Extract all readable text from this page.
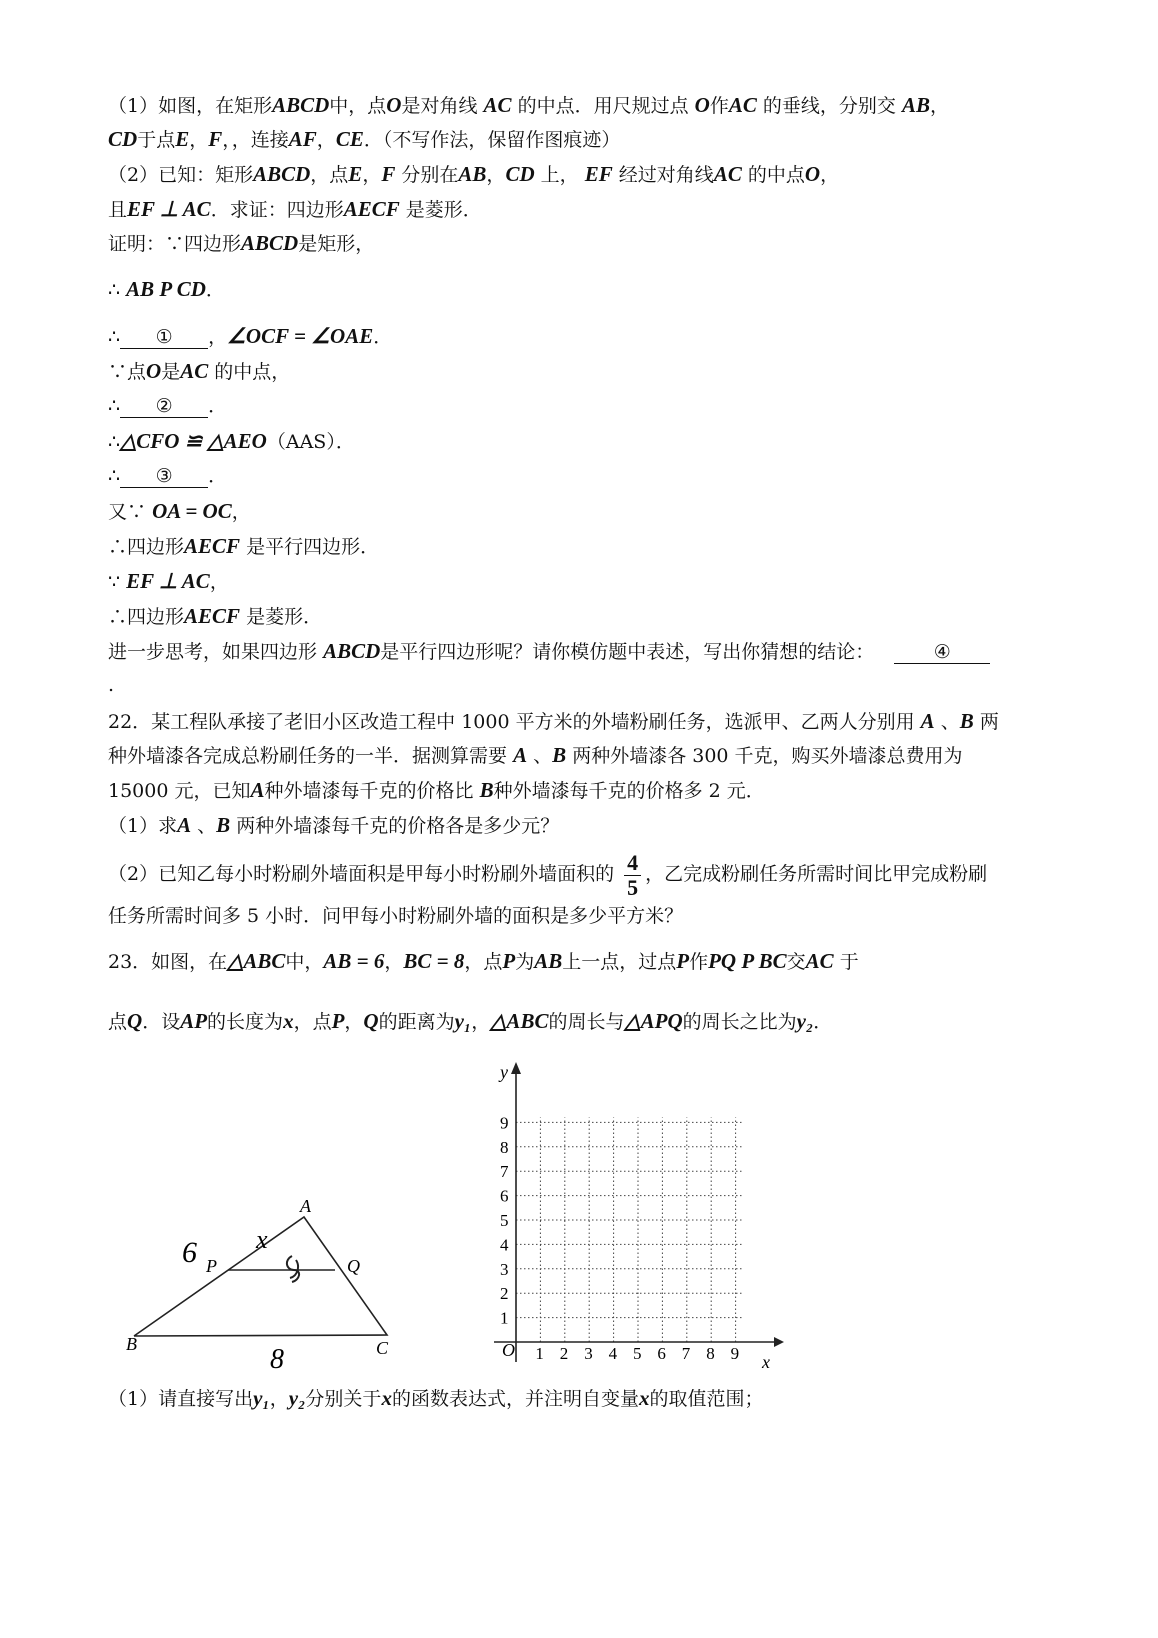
（1）如图，在矩形ABCD中，点O是对角线 AC 的中点．用尺规过点 O作AC 的垂线，分别交 AB，
CD于点E，F，，连接AF，CE．（不写作法，保留作图痕迹）
（2）已知：矩形ABCD，点E，F 分别在AB，CD 上， EF 经过对角线AC 的中点O，
且EF ⊥ AC．求证：四边形AECF 是菱形．
证明：∵四边形ABCD是矩形，
∴ AB P CD．
∴ ① ，∠OCF = ∠OAE．
∵点O是AC 的中点，
∴ ② ．
∴△CFO ≌ △AEO（AAS）．
∴ ③ ．
又∵ OA = OC，
∴四边形AECF 是平行四边形．
∵ EF ⊥ AC，
∴四边形AECF 是菱形．
进一步思考，如果四边形 ABCD是平行四边形呢？请你模仿题中表述，写出你猜想的结论：	④
.
22．某工程队承接了老旧小区改造工程中 1000 平方米的外墙粉刷任务，选派甲、乙两人分别用 A 、B 两
种外墙漆各完成总粉刷任务的一半．据测算需要 A 、B 两种外墙漆各 300 千克，购买外墙漆总费用为
15000 元，已知A种外墙漆每千克的价格比 B种外墙漆每千克的价格多 2 元．
（1）求A 、B 两种外墙漆每千克的价格各是多少元？
（2）已知乙每小时粉刷外墙面积是甲每小时粉刷外墙面积的 $\frac{4}{5}$ ，乙完成粉刷任务所需时间比甲完成粉刷
任务所需时间多 5 小时．问甲每小时粉刷外墙的面积是多少平方米？
23．如图，在△ABC中，AB = 6，BC = 8，点P为AB上一点，过点P作PQ P BC交AC 于
点Q．设AP的长度为x，点P，Q的距离为y₁，△ABC的周长与△APQ的周长之比为y₂．
A
B	C
P	Q
6
8
x
O
x
y
1 2 3 4 5 6 7 8 9
1
2
3
4
5
6
7
8
9
（1）请直接写出y₁，y₂分别关于x的函数表达式，并注明自变量x的取值范围；
